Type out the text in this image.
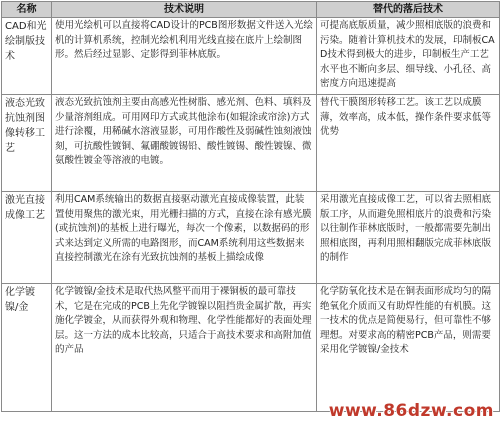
名称	技术说明	替代的落后技术
CAD和光绘制版技术	使用光绘机可以直接将CAD设计的PCB图形数据文件送入光绘机的计算机系统，控制光绘机利用光线直接在底片上绘制图形。然后经过显影、定影得到菲林底版。	可提高底版质量，减少照相底版的浪费和污染。随着计算机技术的发展，印制板CAD技术得到极大的进步，印制板生产工艺水平也不断向多层、细导线、小孔径、高密度方向迅速提高
液态光致抗蚀剂图像转移工艺	液态光致抗蚀剂主要由高感光性树脂、感光剂、色料、填料及少量溶剂组成。可用网印方式或其他涂布(如辊涂或帘涂)方式进行涂覆，用稀碱水溶液显影，可用作酸性及弱碱性蚀刻液蚀刻，可抗酸性镀铜、氟硼酸镀锡铅、酸性镀锡、酸性镀镍、微氨酸性镀金等溶液的电镀。	替代干膜图形转移工艺。该工艺以成膜薄，效率高，成本低，操作条件要求低等优势
激光直接成像工艺	利用CAM系统输出的数据直接驱动激光直接成像装置，此装置使用聚焦的激光束，用光栅扫描的方式，直接在涂有感光膜(或抗蚀剂)的基板上进行曝光，每次一个像素，以数据码的形式来达到定义所需的电路图形，而CAM系统利用这些数据来直接控制激光在涂有光致抗蚀剂的基板上描绘成像	采用激光直接成像工艺，可以省去照相底版工序，从而避免照相底片的浪费和污染以往制作菲林底版时，一般都需要先制出照相底图，再利用照相翻版完成菲林底版的制作
化学镀镍/金	化学镀镍/金技术是取代热风整平而用于裸铜板的最可靠技术，它是在完成的PCB上先化学镀镍以阻挡贵金属扩散，再实施化学镀金，从而获得外观和物理、化学性能都好的表面处理层。这一方法的成本比较高，只适合于高技术要求和高附加值的产品	化学防氧化技术是在铜表面形成均匀的隔绝氧化介质而又有助焊性能的有机膜。这一技术的优点是简便易行，但可靠性不够理想。对要求高的精密PCB产品，则需要采用化学镀镍/金技术
www.86dzw.com
